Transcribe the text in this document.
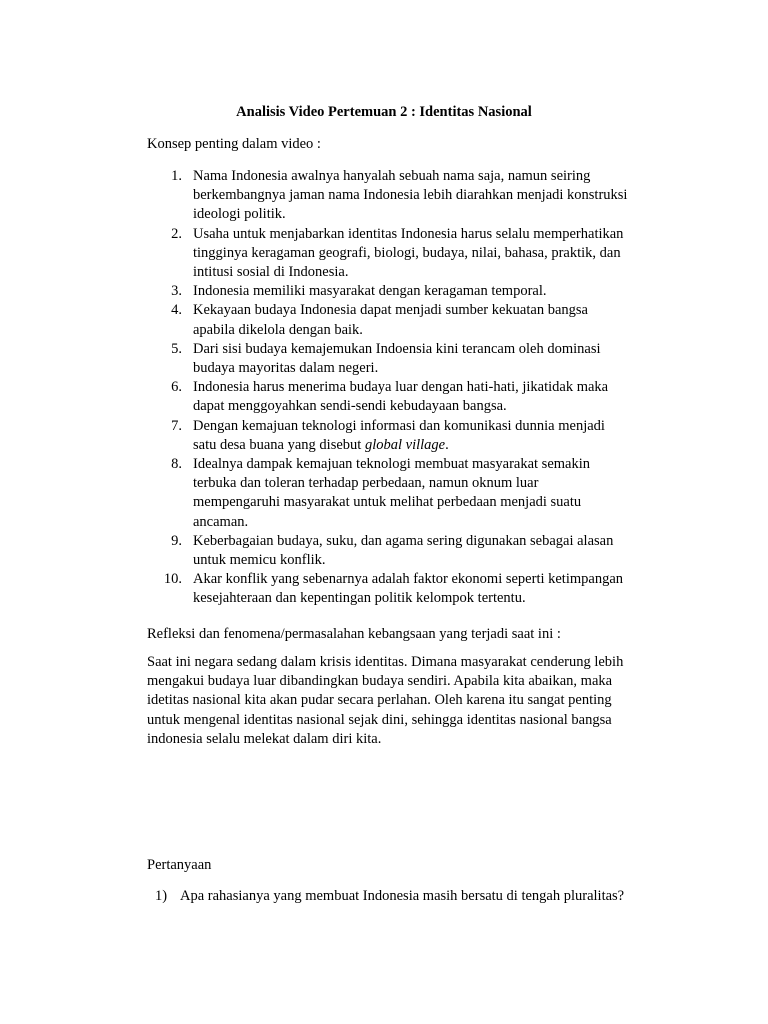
Analisis Video Pertemuan 2 : Identitas Nasional
Konsep penting dalam video :
1. Nama Indonesia awalnya hanyalah sebuah nama saja, namun seiring
berkembangnya jaman nama Indonesia lebih diarahkan menjadi konstruksi
ideologi politik.
2. Usaha untuk menjabarkan identitas Indonesia harus selalu memperhatikan
tingginya keragaman geografi, biologi, budaya, nilai, bahasa, praktik, dan
intitusi sosial di Indonesia.
3. Indonesia memiliki masyarakat dengan keragaman temporal.
4. Kekayaan budaya Indonesia dapat menjadi sumber kekuatan bangsa
apabila dikelola dengan baik.
5. Dari sisi budaya kemajemukan Indoensia kini terancam oleh dominasi
budaya mayoritas dalam negeri.
6. Indonesia harus menerima budaya luar dengan hati-hati, jikatidak maka
dapat menggoyahkan sendi-sendi kebudayaan bangsa.
7. Dengan kemajuan teknologi informasi dan komunikasi dunnia menjadi
satu desa buana yang disebut global village.
8. Idealnya dampak kemajuan teknologi membuat masyarakat semakin
terbuka dan toleran terhadap perbedaan, namun oknum luar
mempengaruhi masyarakat untuk melihat perbedaan menjadi suatu
ancaman.
9. Keberbagaian budaya, suku, dan agama sering digunakan sebagai alasan
untuk memicu konflik.
10. Akar konflik yang sebenarnya adalah faktor ekonomi seperti ketimpangan
kesejahteraan dan kepentingan politik kelompok tertentu.
Refleksi dan fenomena/permasalahan kebangsaan yang terjadi saat ini :

Saat ini negara sedang dalam krisis identitas. Dimana masyarakat cenderung lebih

mengakui budaya luar dibandingkan budaya sendiri. Apabila kita abaikan, maka

idetitas nasional kita akan pudar secara perlahan. Oleh karena itu sangat penting

untuk mengenal identitas nasional sejak dini, sehingga identitas nasional bangsa

indonesia selalu melekat dalam diri kita.

Pertanyaan
1) Apa rahasianya yang membuat Indonesia masih bersatu di tengah pluralitas?
